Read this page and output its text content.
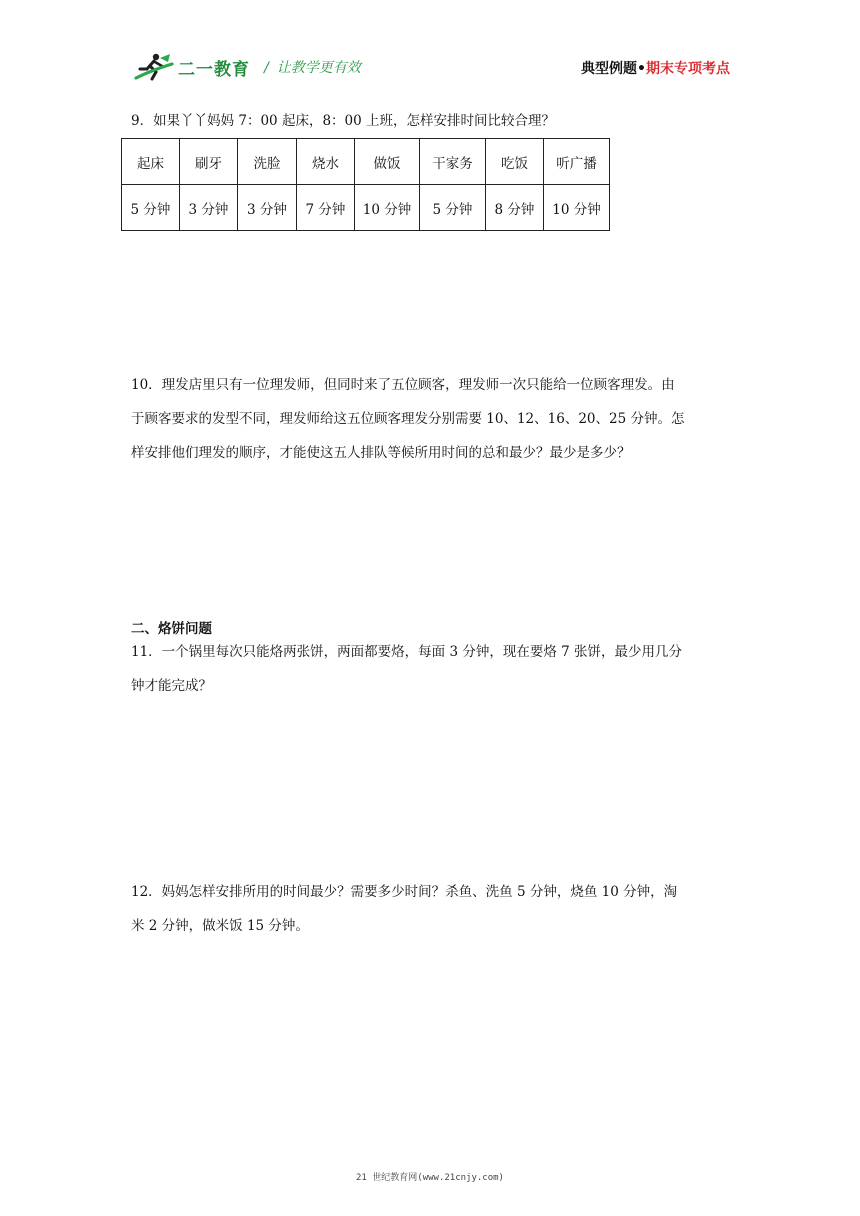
二一教育 / 让教学更有效	典型例题•期末专项考点
9．如果丫丫妈妈 7：00 起床，8：00 上班，怎样安排时间比较合理？
起床	刷牙	洗脸	烧水	做饭	干家务	吃饭	听广播
5 分钟	3 分钟	3 分钟	7 分钟	10 分钟	5 分钟	8 分钟	10 分钟
10．理发店里只有一位理发师，但同时来了五位顾客，理发师一次只能给一位顾客理发。由
于顾客要求的发型不同，理发师给这五位顾客理发分别需要 10、12、16、20、25 分钟。怎
样安排他们理发的顺序，才能使这五人排队等候所用时间的总和最少？最少是多少？
二、烙饼问题
11．一个锅里每次只能烙两张饼，两面都要烙，每面 3 分钟，现在要烙 7 张饼，最少用几分
钟才能完成？
12．妈妈怎样安排所用的时间最少？需要多少时间？杀鱼、洗鱼 5 分钟，烧鱼 10 分钟，淘
米 2 分钟，做米饭 15 分钟。
21 世纪教育网(www.21cnjy.com)
